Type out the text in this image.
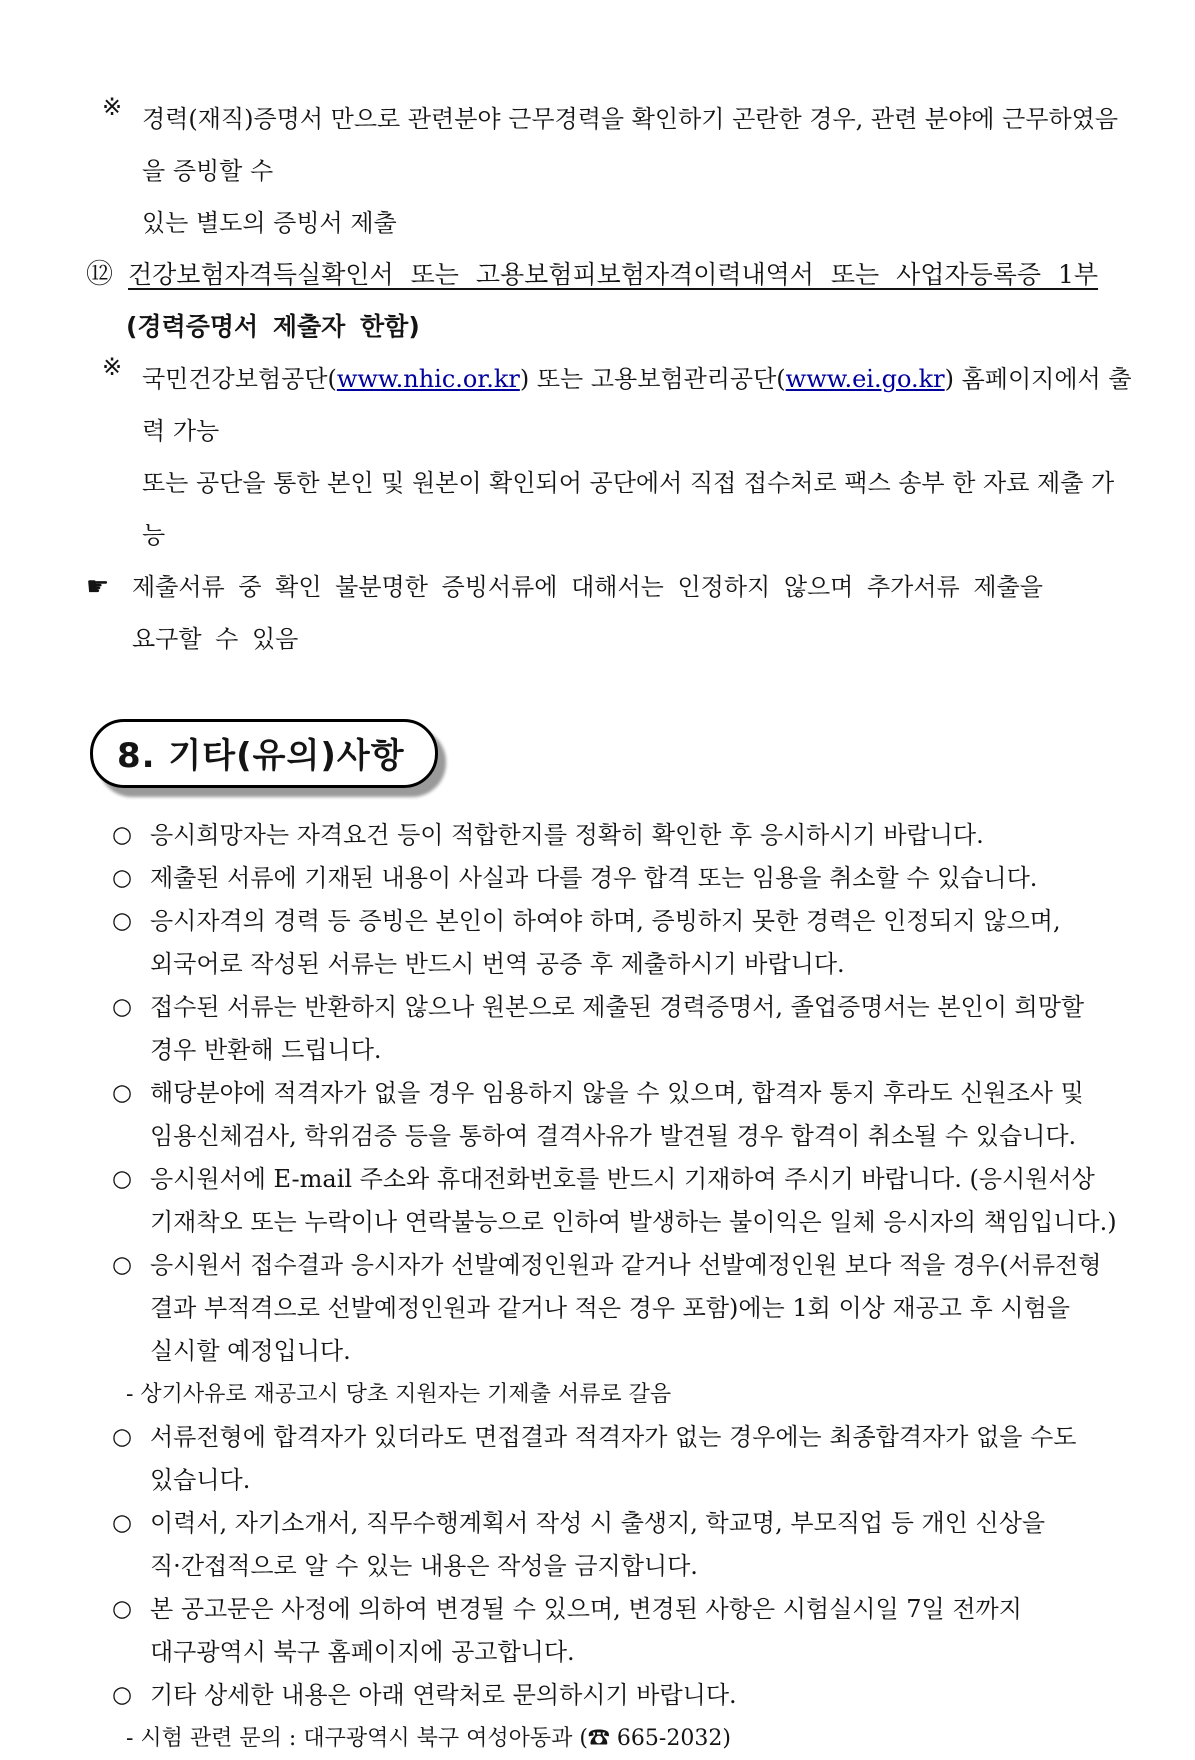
※ 경력(재직)증명서 만으로 관련분야 근무경력을 확인하기 곤란한 경우, 관련 분야에 근무하였음을 증빙할 수
있는 별도의 증빙서 제출
⑫ 건강보험자격득실확인서 또는 고용보험피보험자격이력내역서 또는 사업자등록증 1부
(경력증명서 제출자 한함)
※ 국민건강보험공단(www.nhic.or.kr) 또는 고용보험관리공단(www.ei.go.kr) 홈페이지에서 출력 가능
또는 공단을 통한 본인 및 원본이 확인되어 공단에서 직접 접수처로 팩스 송부 한 자료 제출 가능
☛ 제출서류 중 확인 불분명한 증빙서류에 대해서는 인정하지 않으며 추가서류 제출을
요구할 수 있음
8. 기타(유의)사항
○ 응시희망자는 자격요건 등이 적합한지를 정확히 확인한 후 응시하시기 바랍니다.
○ 제출된 서류에 기재된 내용이 사실과 다를 경우 합격 또는 임용을 취소할 수 있습니다.
○ 응시자격의 경력 등 증빙은 본인이 하여야 하며, 증빙하지 못한 경력은 인정되지 않으며,
외국어로 작성된 서류는 반드시 번역 공증 후 제출하시기 바랍니다.
○ 접수된 서류는 반환하지 않으나 원본으로 제출된 경력증명서, 졸업증명서는 본인이 희망할
경우 반환해 드립니다.
○ 해당분야에 적격자가 없을 경우 임용하지 않을 수 있으며, 합격자 통지 후라도 신원조사 및
임용신체검사, 학위검증 등을 통하여 결격사유가 발견될 경우 합격이 취소될 수 있습니다.
○ 응시원서에 E-mail 주소와 휴대전화번호를 반드시 기재하여 주시기 바랍니다. (응시원서상
기재착오 또는 누락이나 연락불능으로 인하여 발생하는 불이익은 일체 응시자의 책임입니다.)
○ 응시원서 접수결과 응시자가 선발예정인원과 같거나 선발예정인원 보다 적을 경우(서류전형
결과 부적격으로 선발예정인원과 같거나 적은 경우 포함)에는 1회 이상 재공고 후 시험을
실시할 예정입니다.
- 상기사유로 재공고시 당초 지원자는 기제출 서류로 갈음
○ 서류전형에 합격자가 있더라도 면접결과 적격자가 없는 경우에는 최종합격자가 없을 수도
있습니다.
○ 이력서, 자기소개서, 직무수행계획서 작성 시 출생지, 학교명, 부모직업 등 개인 신상을
직·간접적으로 알 수 있는 내용은 작성을 금지합니다.
○ 본 공고문은 사정에 의하여 변경될 수 있으며, 변경된 사항은 시험실시일 7일 전까지
대구광역시 북구 홈페이지에 공고합니다.
○ 기타 상세한 내용은 아래 연락처로 문의하시기 바랍니다.
- 시험 관련 문의 : 대구광역시 북구 여성아동과 (☎ 665-2032)
